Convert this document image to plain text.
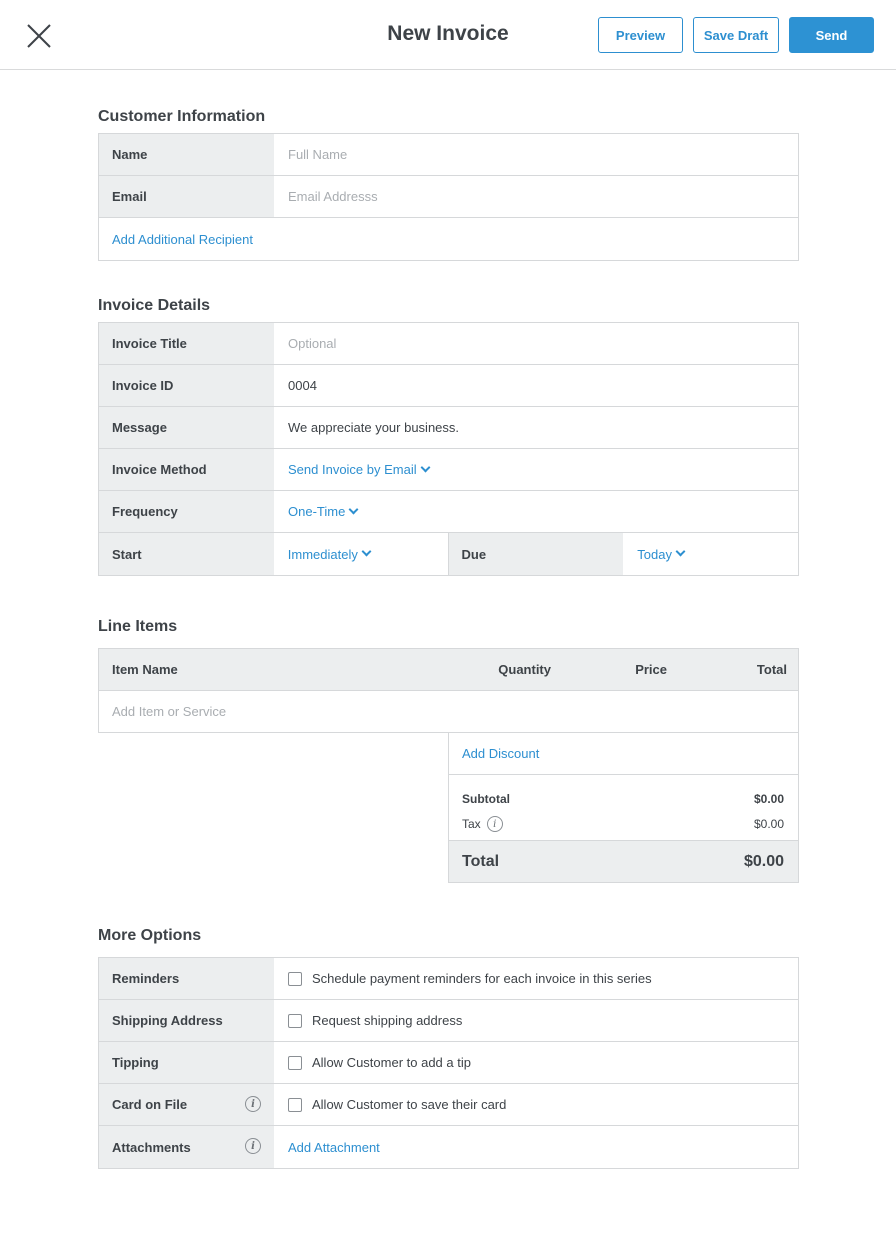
New Invoice	Preview	Save Draft	Send
Customer Information
Name	Full Name
Email	Email Addresss
Add Additional Recipient
Invoice Details
Invoice Title	Optional
Invoice ID	0004
Message	We appreciate your business.
Invoice Method	Send Invoice by Email
Frequency	One-Time
Start	Immediately	Due	Today
Line Items
Item Name	Quantity	Price	Total
Add Item or Service
Add Discount
Subtotal	$0.00
Tax	i	$0.00
Total	$0.00
More Options
Reminders	Schedule payment reminders for each invoice in this series
Shipping Address	Request shipping address
Tipping	Allow Customer to add a tip
Card on File	i	Allow Customer to save their card
Attachments	i	Add Attachment
